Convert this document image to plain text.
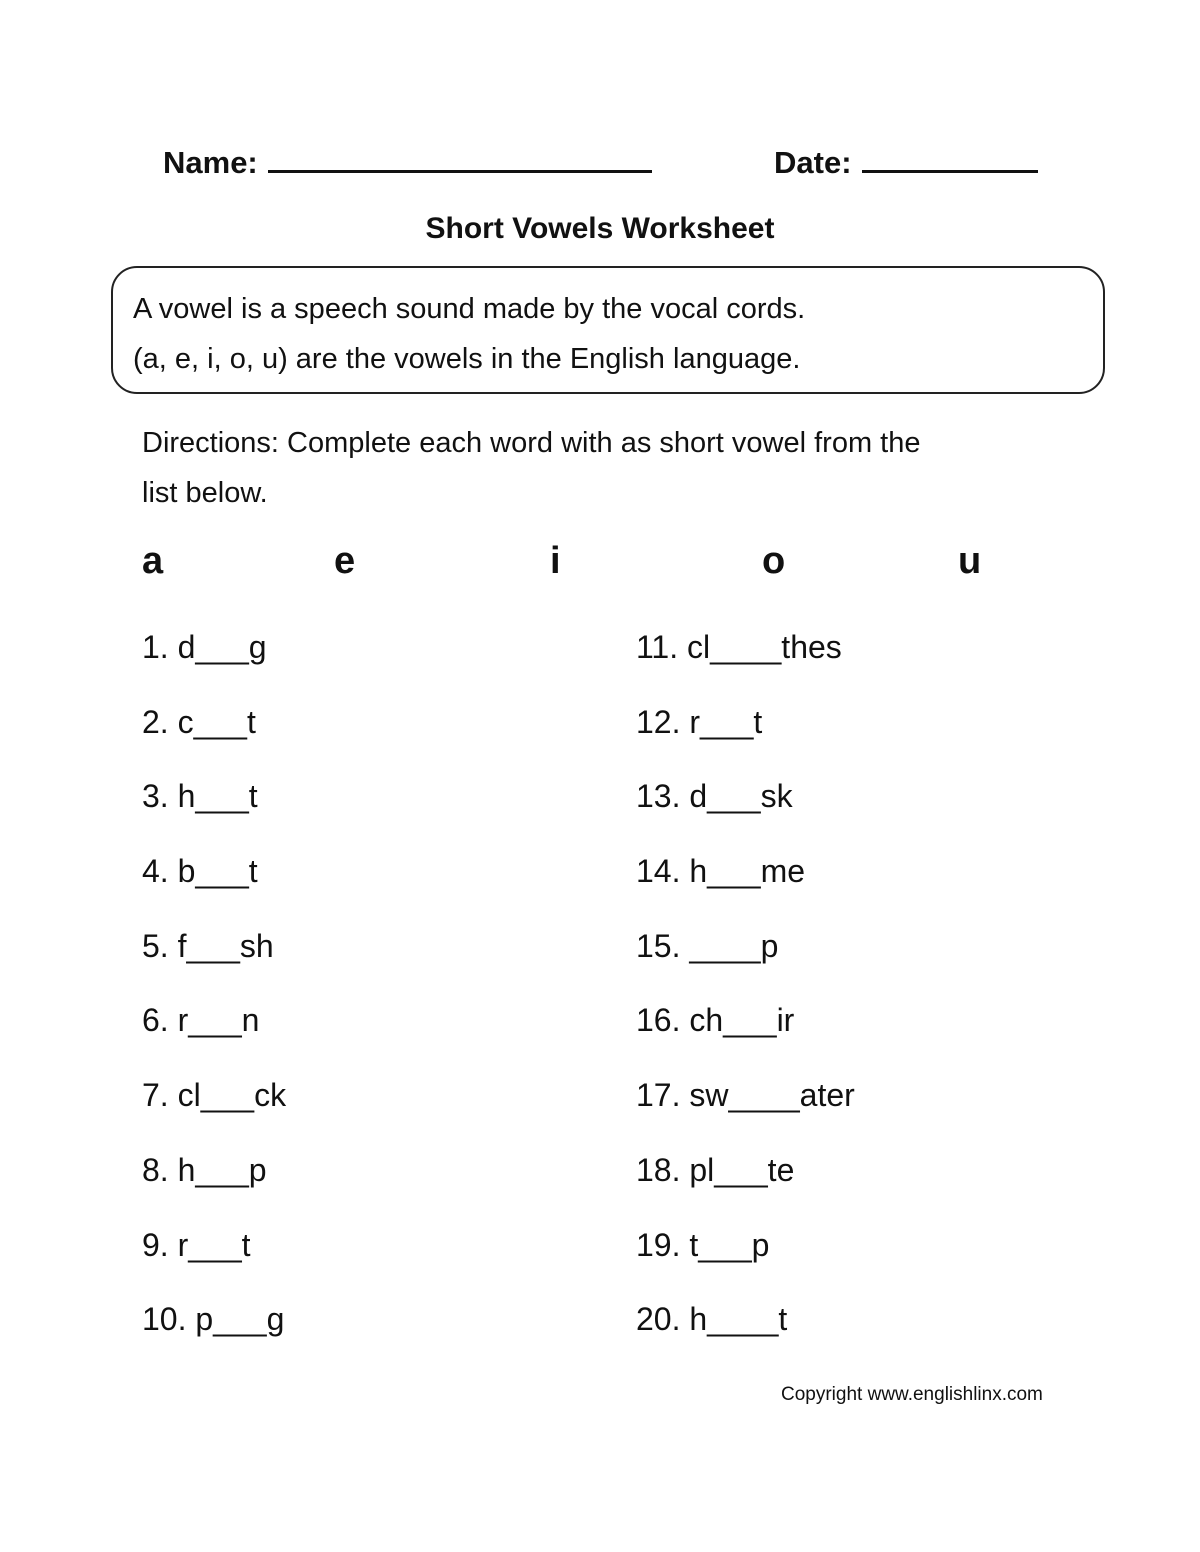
Name:	Date:
Short Vowels Worksheet
A vowel is a speech sound made by the vocal cords.
(a, e, i, o, u) are the vowels in the English language.
Directions: Complete each word with as short vowel from the
list below.
a	e	i	o	u
1. d___g
2. c___t
3. h___t
4. b___t
5. f___sh
6. r___n
7. cl___ck
8. h___p
9. r___t
10. p___g
11. cl____thes
12. r___t
13. d___sk
14. h___me
15. ____p
16. ch___ir
17. sw____ater
18. pl___te
19. t___p
20. h____t
Copyright www.englishlinx.com
